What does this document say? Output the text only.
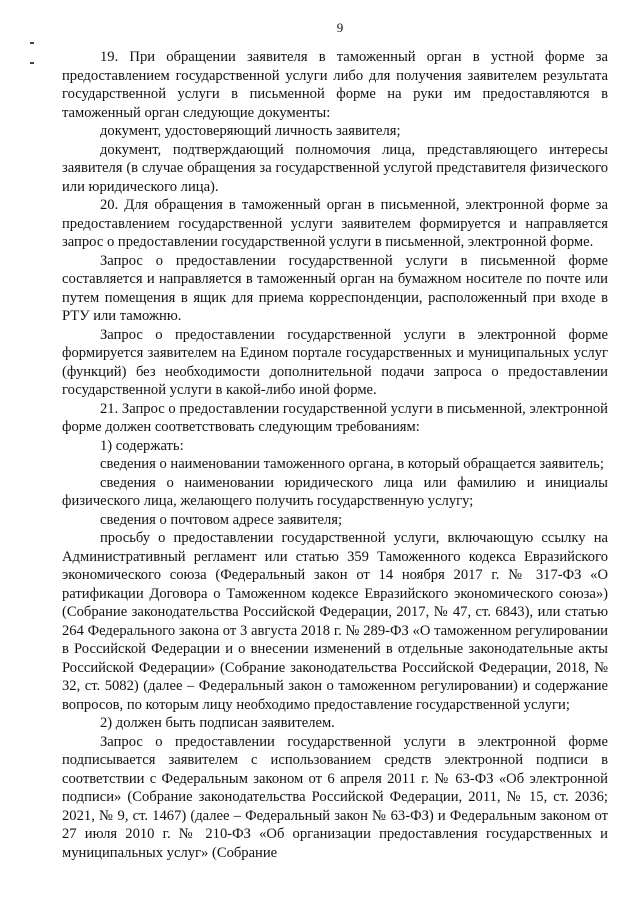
9

19. При обращении заявителя в таможенный орган в устной форме за предоставлением государственной услуги либо для получения заявителем результата государственной услуги в письменной форме на руки им предоставляются в таможенный орган следующие документы:

документ, удостоверяющий личность заявителя;

документ, подтверждающий полномочия лица, представляющего интересы заявителя (в случае обращения за государственной услугой представителя физического или юридического лица).

20. Для обращения в таможенный орган в письменной, электронной форме за предоставлением государственной услуги заявителем формируется и направляется запрос о предоставлении государственной услуги в письменной, электронной форме.

Запрос о предоставлении государственной услуги в письменной форме составляется и направляется в таможенный орган на бумажном носителе по почте или путем помещения в ящик для приема корреспонденции, расположенный при входе в РТУ или таможню.

Запрос о предоставлении государственной услуги в электронной форме формируется заявителем на Едином портале государственных и муниципальных услуг (функций) без необходимости дополнительной подачи запроса о предоставлении государственной услуги в какой-либо иной форме.

21. Запрос о предоставлении государственной услуги в письменной, электронной форме должен соответствовать следующим требованиям:

1) содержать:

сведения о наименовании таможенного органа, в который обращается заявитель;

сведения о наименовании юридического лица или фамилию и инициалы физического лица, желающего получить государственную услугу;

сведения о почтовом адресе заявителя;

просьбу о предоставлении государственной услуги, включающую ссылку на Административный регламент или статью 359 Таможенного кодекса Евразийского экономического союза (Федеральный закон от 14 ноября 2017 г. № 317-ФЗ «О ратификации Договора о Таможенном кодексе Евразийского экономического союза») (Собрание законодательства Российской Федерации, 2017, № 47, ст. 6843), или статью 264 Федерального закона от 3 августа 2018 г. № 289-ФЗ «О таможенном регулировании в Российской Федерации и о внесении изменений в отдельные законодательные акты Российской Федерации» (Собрание законодательства Российской Федерации, 2018, № 32, ст. 5082) (далее – Федеральный закон о таможенном регулировании) и содержание вопросов, по которым лицу необходимо предоставление государственной услуги;

2) должен быть подписан заявителем.

Запрос о предоставлении государственной услуги в электронной форме подписывается заявителем с использованием средств электронной подписи в соответствии с Федеральным законом от 6 апреля 2011 г. № 63-ФЗ «Об электронной подписи» (Собрание законодательства Российской Федерации, 2011, № 15, ст. 2036; 2021, № 9, ст. 1467) (далее – Федеральный закон № 63-ФЗ) и Федеральным законом от 27 июля 2010 г. № 210-ФЗ «Об организации предоставления государственных и муниципальных услуг» (Собрание
